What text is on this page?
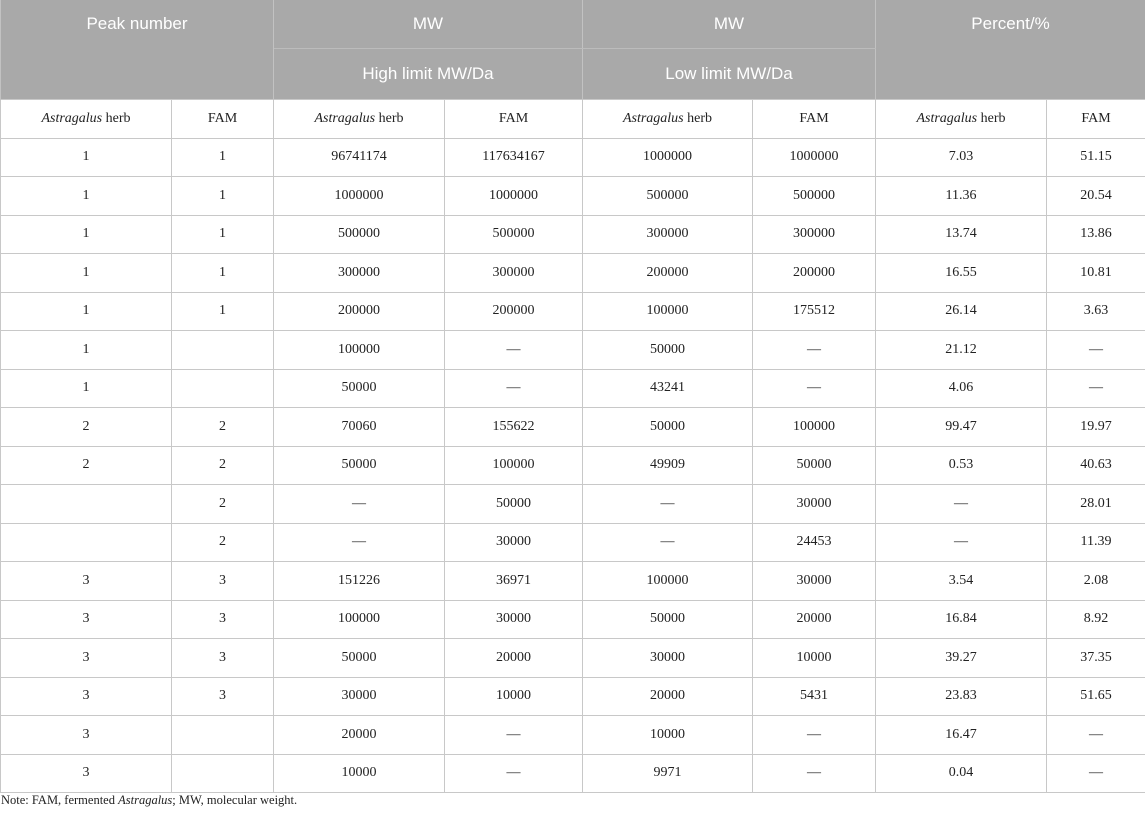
Peak number		MW		MW		Percent/%	
		High limit MW/Da		Low limit MW/Da			
Astragalus herb	FAM	Astragalus herb	FAM	Astragalus herb	FAM	Astragalus herb	FAM
1	1	96741174	117634167	1000000	1000000	7.03	51.15
1	1	1000000	1000000	500000	500000	11.36	20.54
1	1	500000	500000	300000	300000	13.74	13.86
1	1	300000	300000	200000	200000	16.55	10.81
1	1	200000	200000	100000	175512	26.14	3.63
1		100000	—	50000	—	21.12	—
1		50000	—	43241	—	4.06	—
2	2	70060	155622	50000	100000	99.47	19.97
2	2	50000	100000	49909	50000	0.53	40.63
	2	—	50000	—	30000	—	28.01
	2	—	30000	—	24453	—	11.39
3	3	151226	36971	100000	30000	3.54	2.08
3	3	100000	30000	50000	20000	16.84	8.92
3	3	50000	20000	30000	10000	39.27	37.35
3	3	30000	10000	20000	5431	23.83	51.65
3		20000	—	10000	—	16.47	—
3		10000	—	9971	—	0.04	—
Note: FAM, fermented Astragalus; MW, molecular weight.
